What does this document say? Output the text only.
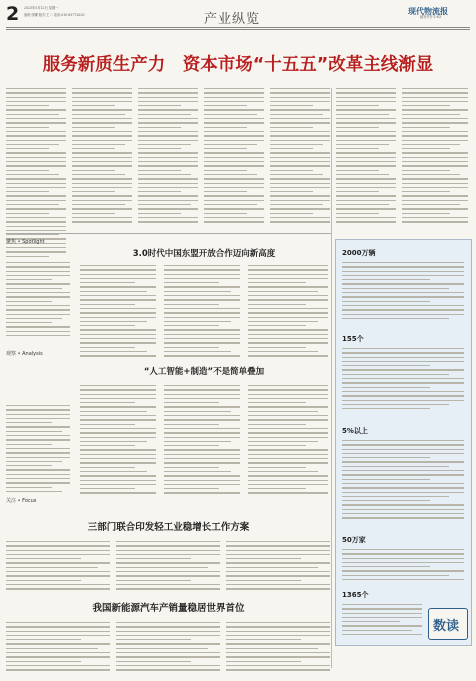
2 2025年5月12日 星期一
值班:张曜 版式:王二 电话:010-63772633	产业纵览
现代物流报
邮发代号:1-63
服务新质生产力　资本市场“十五五”改革主线渐显
聚焦 • Spotlight
观察 • Analysis
关注 • Focus
3.0时代中国东盟开放合作迈向新高度
“人工智能+制造”不是简单叠加
三部门联合印发轻工业稳增长工作方案
我国新能源汽车产销量稳居世界首位
2000万辆
155个
5%以上
50万家
1365个
数读
